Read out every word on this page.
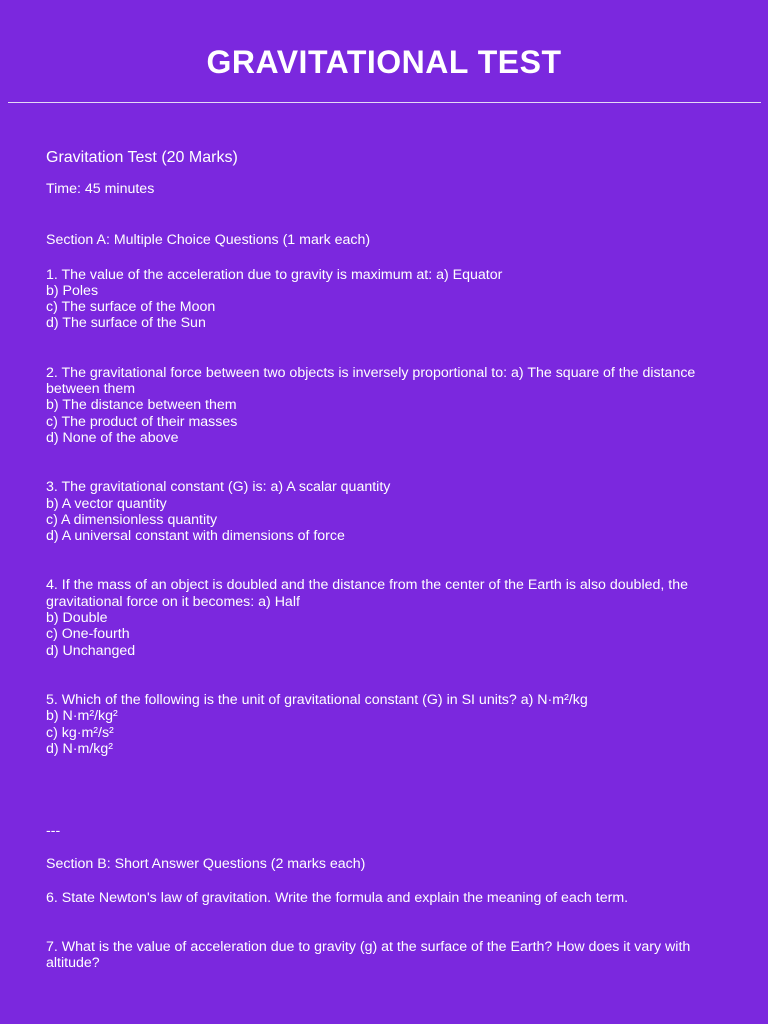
GRAVITATIONAL TEST

Gravitation Test (20 Marks)

Time: 45 minutes

Section A: Multiple Choice Questions (1 mark each)

1. The value of the acceleration due to gravity is maximum at: a) Equator
b) Poles
c) The surface of the Moon
d) The surface of the Sun
2. The gravitational force between two objects is inversely proportional to: a) The square of the distance between them
b) The distance between them
c) The product of their masses
d) None of the above
3. The gravitational constant (G) is: a) A scalar quantity
b) A vector quantity
c) A dimensionless quantity
d) A universal constant with dimensions of force
4. If the mass of an object is doubled and the distance from the center of the Earth is also doubled, the gravitational force on it becomes: a) Half
b) Double
c) One-fourth
d) Unchanged
5. Which of the following is the unit of gravitational constant (G) in SI units? a) N·m²/kg
b) N·m²/kg²
c) kg·m²/s²
d) N·m/kg²

---

Section B: Short Answer Questions (2 marks each)

6. State Newton's law of gravitation. Write the formula and explain the meaning of each term.

7. What is the value of acceleration due to gravity (g) at the surface of the Earth? How does it vary with altitude?
